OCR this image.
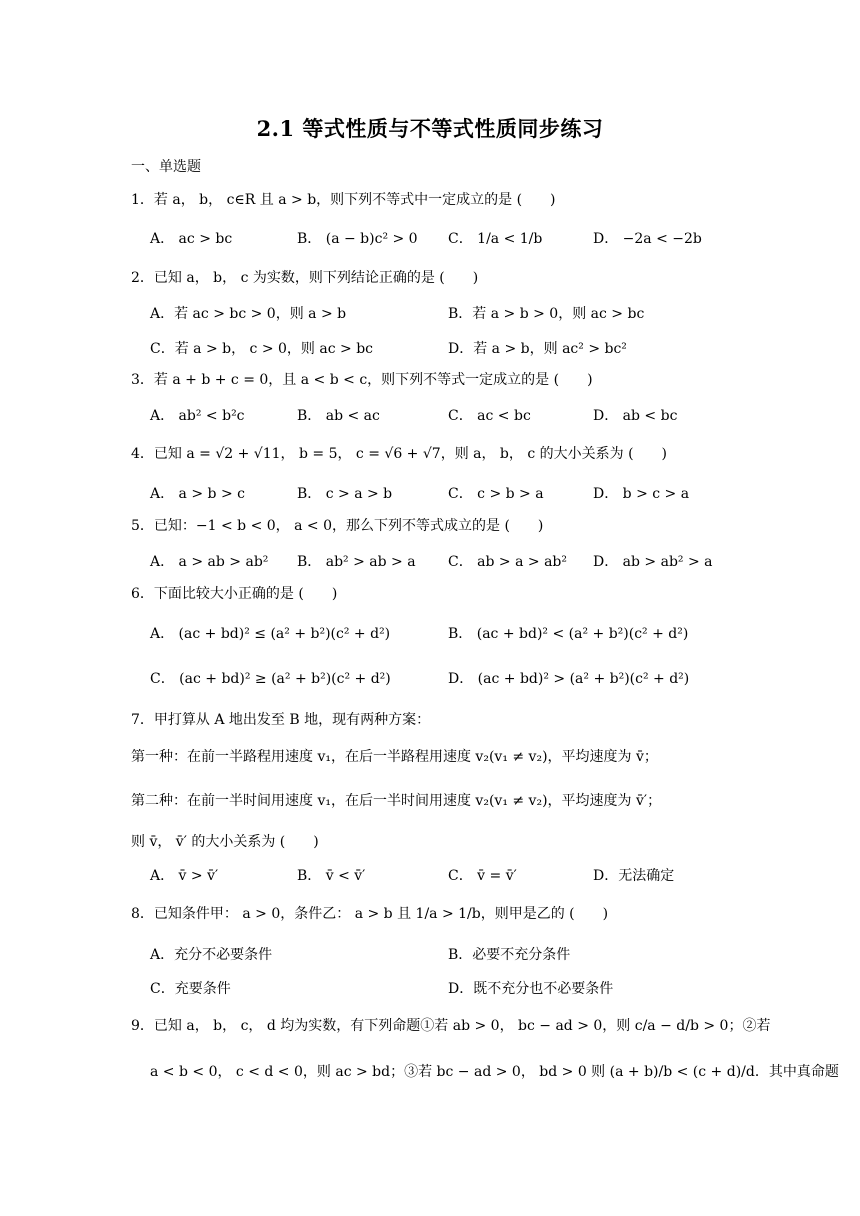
2.1 等式性质与不等式性质同步练习
一、单选题
1．若 a， b， c∈R 且 a > b，则下列不等式中一定成立的是 (　　)
A． ac > bc	B． (a − b)c² > 0 C． 1/a < 1/b	D． −2a < −2b
2．已知 a， b， c 为实数，则下列结论正确的是 (　　)
A．若 ac > bc > 0，则 a > b	B．若 a > b > 0，则 ac > bc
C．若 a > b， c > 0，则 ac > bc	D．若 a > b，则 ac² > bc²
3．若 a + b + c = 0，且 a < b < c，则下列不等式一定成立的是 (　　)
A． ab² < b²c	B． ab < ac	C． ac < bc	D． ab < bc
4．已知 a = √2 + √11， b = 5， c = √6 + √7，则 a， b， c 的大小关系为 (　　)
A． a > b > c	B． c > a > b	C． c > b > a	D． b > c > a
5．已知：−1 < b < 0， a < 0，那么下列不等式成立的是 (　　)
A． a > ab > ab² B． ab² > ab > a C． ab > a > ab² D． ab > ab² > a
6．下面比较大小正确的是 (　　)
A． (ac + bd)² ≤ (a² + b²)(c² + d²)	B． (ac + bd)² < (a² + b²)(c² + d²)
C． (ac + bd)² ≥ (a² + b²)(c² + d²)	D． (ac + bd)² > (a² + b²)(c² + d²)
7．甲打算从 A 地出发至 B 地，现有两种方案：
第一种：在前一半路程用速度 v₁，在后一半路程用速度 v₂(v₁ ≠ v₂)，平均速度为 v̄；
第二种：在前一半时间用速度 v₁，在后一半时间用速度 v₂(v₁ ≠ v₂)，平均速度为 v̄′；
则 v̄， v̄′ 的大小关系为 (　　)
A． v̄ > v̄′	B． v̄ < v̄′	C． v̄ = v̄′	D．无法确定
8．已知条件甲： a > 0，条件乙： a > b 且 1/a > 1/b，则甲是乙的 (　　)
A．充分不必要条件	B．必要不充分条件
C．充要条件	D．既不充分也不必要条件
9．已知 a， b， c， d 均为实数，有下列命题①若 ab > 0， bc − ad > 0，则 c/a − d/b > 0；②若
a < b < 0， c < d < 0，则 ac > bd；③若 bc − ad > 0， bd > 0 则 (a + b)/b < (c + d)/d．其中真命题
